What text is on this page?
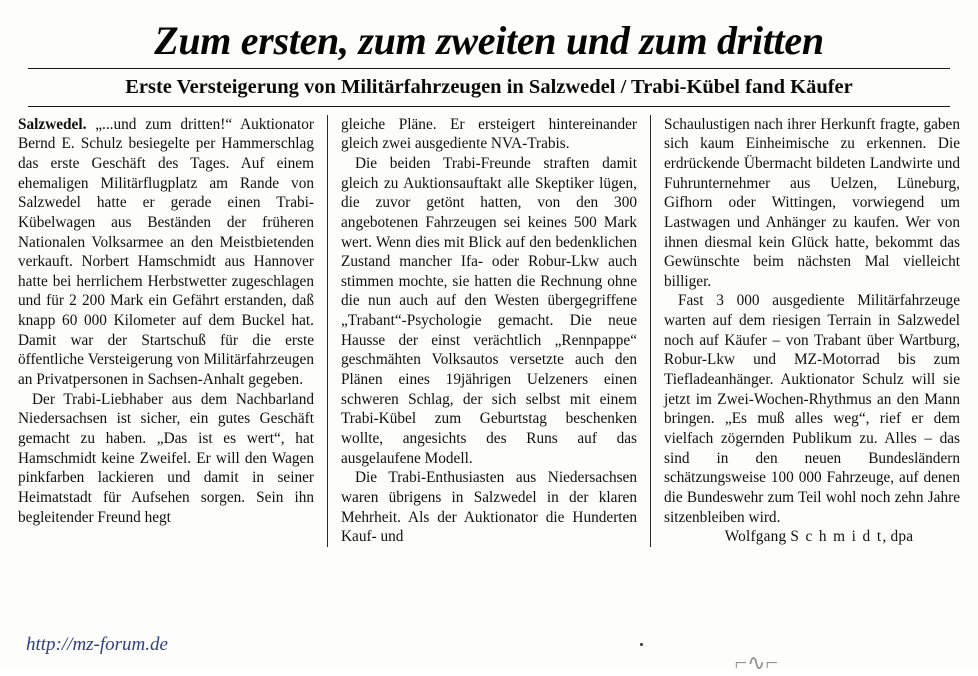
Zum ersten, zum zweiten und zum dritten
Erste Versteigerung von Militärfahrzeugen in Salzwedel / Trabi-Kübel fand Käufer

Salzwedel. „...und zum dritten!“ Auktionator Bernd E. Schulz besiegelte per Hammerschlag das erste Geschäft des Tages. Auf einem ehemaligen Militärflugplatz am Rande von Salzwedel hatte er gerade einen Trabi-Kübelwagen aus Beständen der früheren Nationalen Volksarmee an den Meistbietenden verkauft. Norbert Hamschmidt aus Hannover hatte bei herrlichem Herbstwetter zugeschlagen und für 2 200 Mark ein Gefährt erstanden, daß knapp 60 000 Kilometer auf dem Buckel hat. Damit war der Startschuß für die erste öffentliche Versteigerung von Militärfahrzeugen an Privatpersonen in Sachsen-Anhalt gegeben.

Der Trabi-Liebhaber aus dem Nachbarland Niedersachsen ist sicher, ein gutes Geschäft gemacht zu haben. „Das ist es wert“, hat Hamschmidt keine Zweifel. Er will den Wagen pinkfarben lackieren und damit in seiner Heimatstadt für Aufsehen sorgen. Sein ihn begleitender Freund hegt

gleiche Pläne. Er ersteigert hintereinander gleich zwei ausgediente NVA-Trabis.

Die beiden Trabi-Freunde straften damit gleich zu Auktionsauftakt alle Skeptiker lügen, die zuvor getönt hatten, von den 300 angebotenen Fahrzeugen sei keines 500 Mark wert. Wenn dies mit Blick auf den bedenklichen Zustand mancher Ifa- oder Robur-Lkw auch stimmen mochte, sie hatten die Rechnung ohne die nun auch auf den Westen übergegriffene „Trabant“-Psychologie gemacht. Die neue Hausse der einst verächtlich „Rennpappe“ geschmähten Volksautos versetzte auch den Plänen eines 19jährigen Uelzeners einen schweren Schlag, der sich selbst mit einem Trabi-Kübel zum Geburtstag beschenken wollte, angesichts des Runs auf das ausgelaufene Modell.

Die Trabi-Enthusiasten aus Niedersachsen waren übrigens in Salzwedel in der klaren Mehrheit. Als der Auktionator die Hunderten Kauf- und

Schaulustigen nach ihrer Herkunft fragte, gaben sich kaum Einheimische zu erkennen. Die erdrückende Übermacht bildeten Landwirte und Fuhrunternehmer aus Uelzen, Lüneburg, Gifhorn oder Wittingen, vorwiegend um Lastwagen und Anhänger zu kaufen. Wer von ihnen diesmal kein Glück hatte, bekommt das Gewünschte beim nächsten Mal vielleicht billiger.

Fast 3 000 ausgediente Militärfahrzeuge warten auf dem riesigen Terrain in Salzwedel noch auf Käufer – von Trabant über Wartburg, Robur-Lkw und MZ-Motorrad bis zum Tiefladeanhänger. Auktionator Schulz will sie jetzt im Zwei-Wochen-Rhythmus an den Mann bringen. „Es muß alles weg“, rief er dem vielfach zögernden Publikum zu. Alles – das sind in den neuen Bundesländern schätzungsweise 100 000 Fahrzeuge, auf denen die Bundeswehr zum Teil wohl noch zehn Jahre sitzenbleiben wird.

Wolfgang S c h m i d t, dpa

http://mz-forum.de
⌐∿⌐
